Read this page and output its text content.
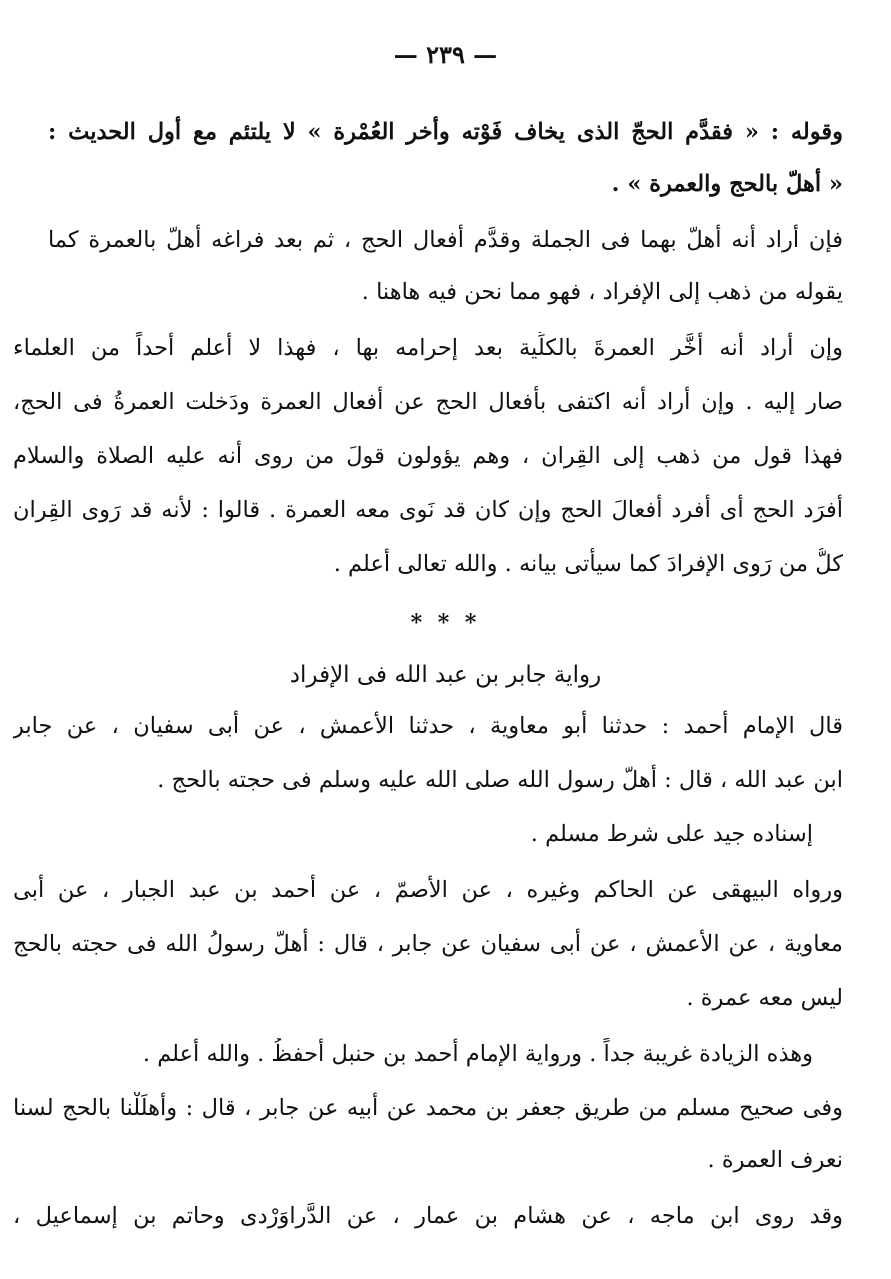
— ٢٣٩ —
وقوله : « فقدَّم الحجّ الذى يخاف فَوْته وأخر العُمْرة » لا يلتئم مع أول الحديث :
« أهلّ بالحج والعمرة » .
فإن أراد أنه أهلّ بهما فى الجملة وقدَّم أفعال الحج ، ثم بعد فراغه أهلّ بالعمرة كما
يقوله من ذهب إلى الإفراد ، فهو مما نحن فيه هاهنا .
وإن أراد أنه أخَّر العمرةَ بالكلِّية بعد إحرامه بها ، فهذا لا أعلم أحداً من العلماء
صار إليه . وإن أراد أنه اكتفى بأفعال الحج عن أفعال العمرة ودَخلت العمرةُ فى الحج،
فهذا قول من ذهب إلى القِران ، وهم يؤولون قولَ من روى أنه عليه الصلاة والسلام
أفرَد الحج أى أفرد أفعالَ الحج وإن كان قد نَوى معه العمرة . قالوا : لأنه قد رَوى القِران
كلُّ من رَوى الإفرادَ كما سيأتى بيانه . والله تعالى أعلم .
* * *
رواية جابر بن عبد الله فى الإفراد
قال الإمام أحمد : حدثنا أبو معاوية ، حدثنا الأعمش ، عن أبى سفيان ، عن جابر
ابن عبد الله ، قال : أهلّ رسول الله صلى الله عليه وسلم فى حجته بالحج .
إسناده جيد على شرط مسلم .
ورواه البيهقى عن الحاكم وغيره ، عن الأصمّ ، عن أحمد بن عبد الجبار ، عن أبى
معاوية ، عن الأعمش ، عن أبى سفيان عن جابر ، قال : أهلّ رسولُ الله فى حجته بالحج
ليس معه عمرة .
وهذه الزيادة غريبة جداً . ورواية الإمام أحمد بن حنبل أحفظُ . والله أعلم .
وفى صحيح مسلم من طريق جعفر بن محمد عن أبيه عن جابر ، قال : وأهلَلْنا بالحج لسنا
نعرف العمرة .
وقد روى ابن ماجه ، عن هشام بن عمار ، عن الدَّراوَرْدى وحاتم بن إسماعيل ،
